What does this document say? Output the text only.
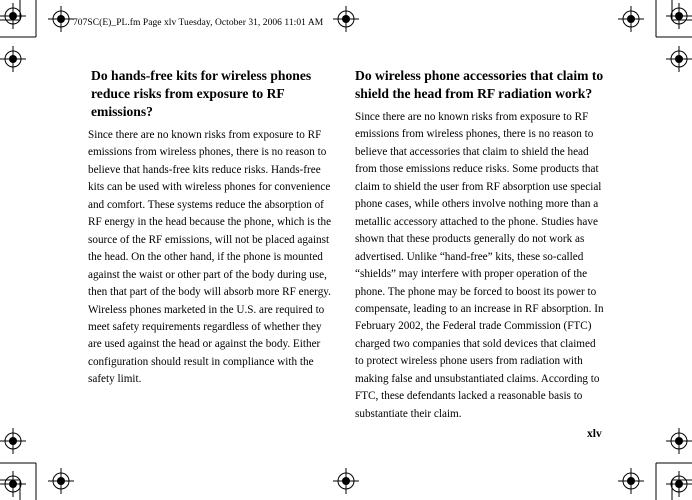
707SC(E)_PL.fm Page xlv Tuesday, October 31, 2006 11:01 AM
Do hands-free kits for wireless phones reduce risks from exposure to RF emissions?

Since there are no known risks from exposure to RF emissions from wireless phones, there is no reason to believe that hands-free kits reduce risks. Hands-free kits can be used with wireless phones for convenience and comfort. These systems reduce the absorption of RF energy in the head because the phone, which is the source of the RF emissions, will not be placed against the head. On the other hand, if the phone is mounted against the waist or other part of the body during use, then that part of the body will absorb more RF energy. Wireless phones marketed in the U.S. are required to meet safety requirements regardless of whether they are used against the head or against the body. Either configuration should result in compliance with the safety limit.

Do wireless phone accessories that claim to shield the head from RF radiation work?

Since there are no known risks from exposure to RF emissions from wireless phones, there is no reason to believe that accessories that claim to shield the head from those emissions reduce risks. Some products that claim to shield the user from RF absorption use special phone cases, while others involve nothing more than a metallic accessory attached to the phone. Studies have shown that these products generally do not work as advertised. Unlike “hand-free” kits, these so-called “shields” may interfere with proper operation of the phone. The phone may be forced to boost its power to compensate, leading to an increase in RF absorption. In February 2002, the Federal trade Commission (FTC) charged two companies that sold devices that claimed to protect wireless phone users from radiation with making false and unsubstantiated claims. According to FTC, these defendants lacked a reasonable basis to substantiate their claim.

xlv
